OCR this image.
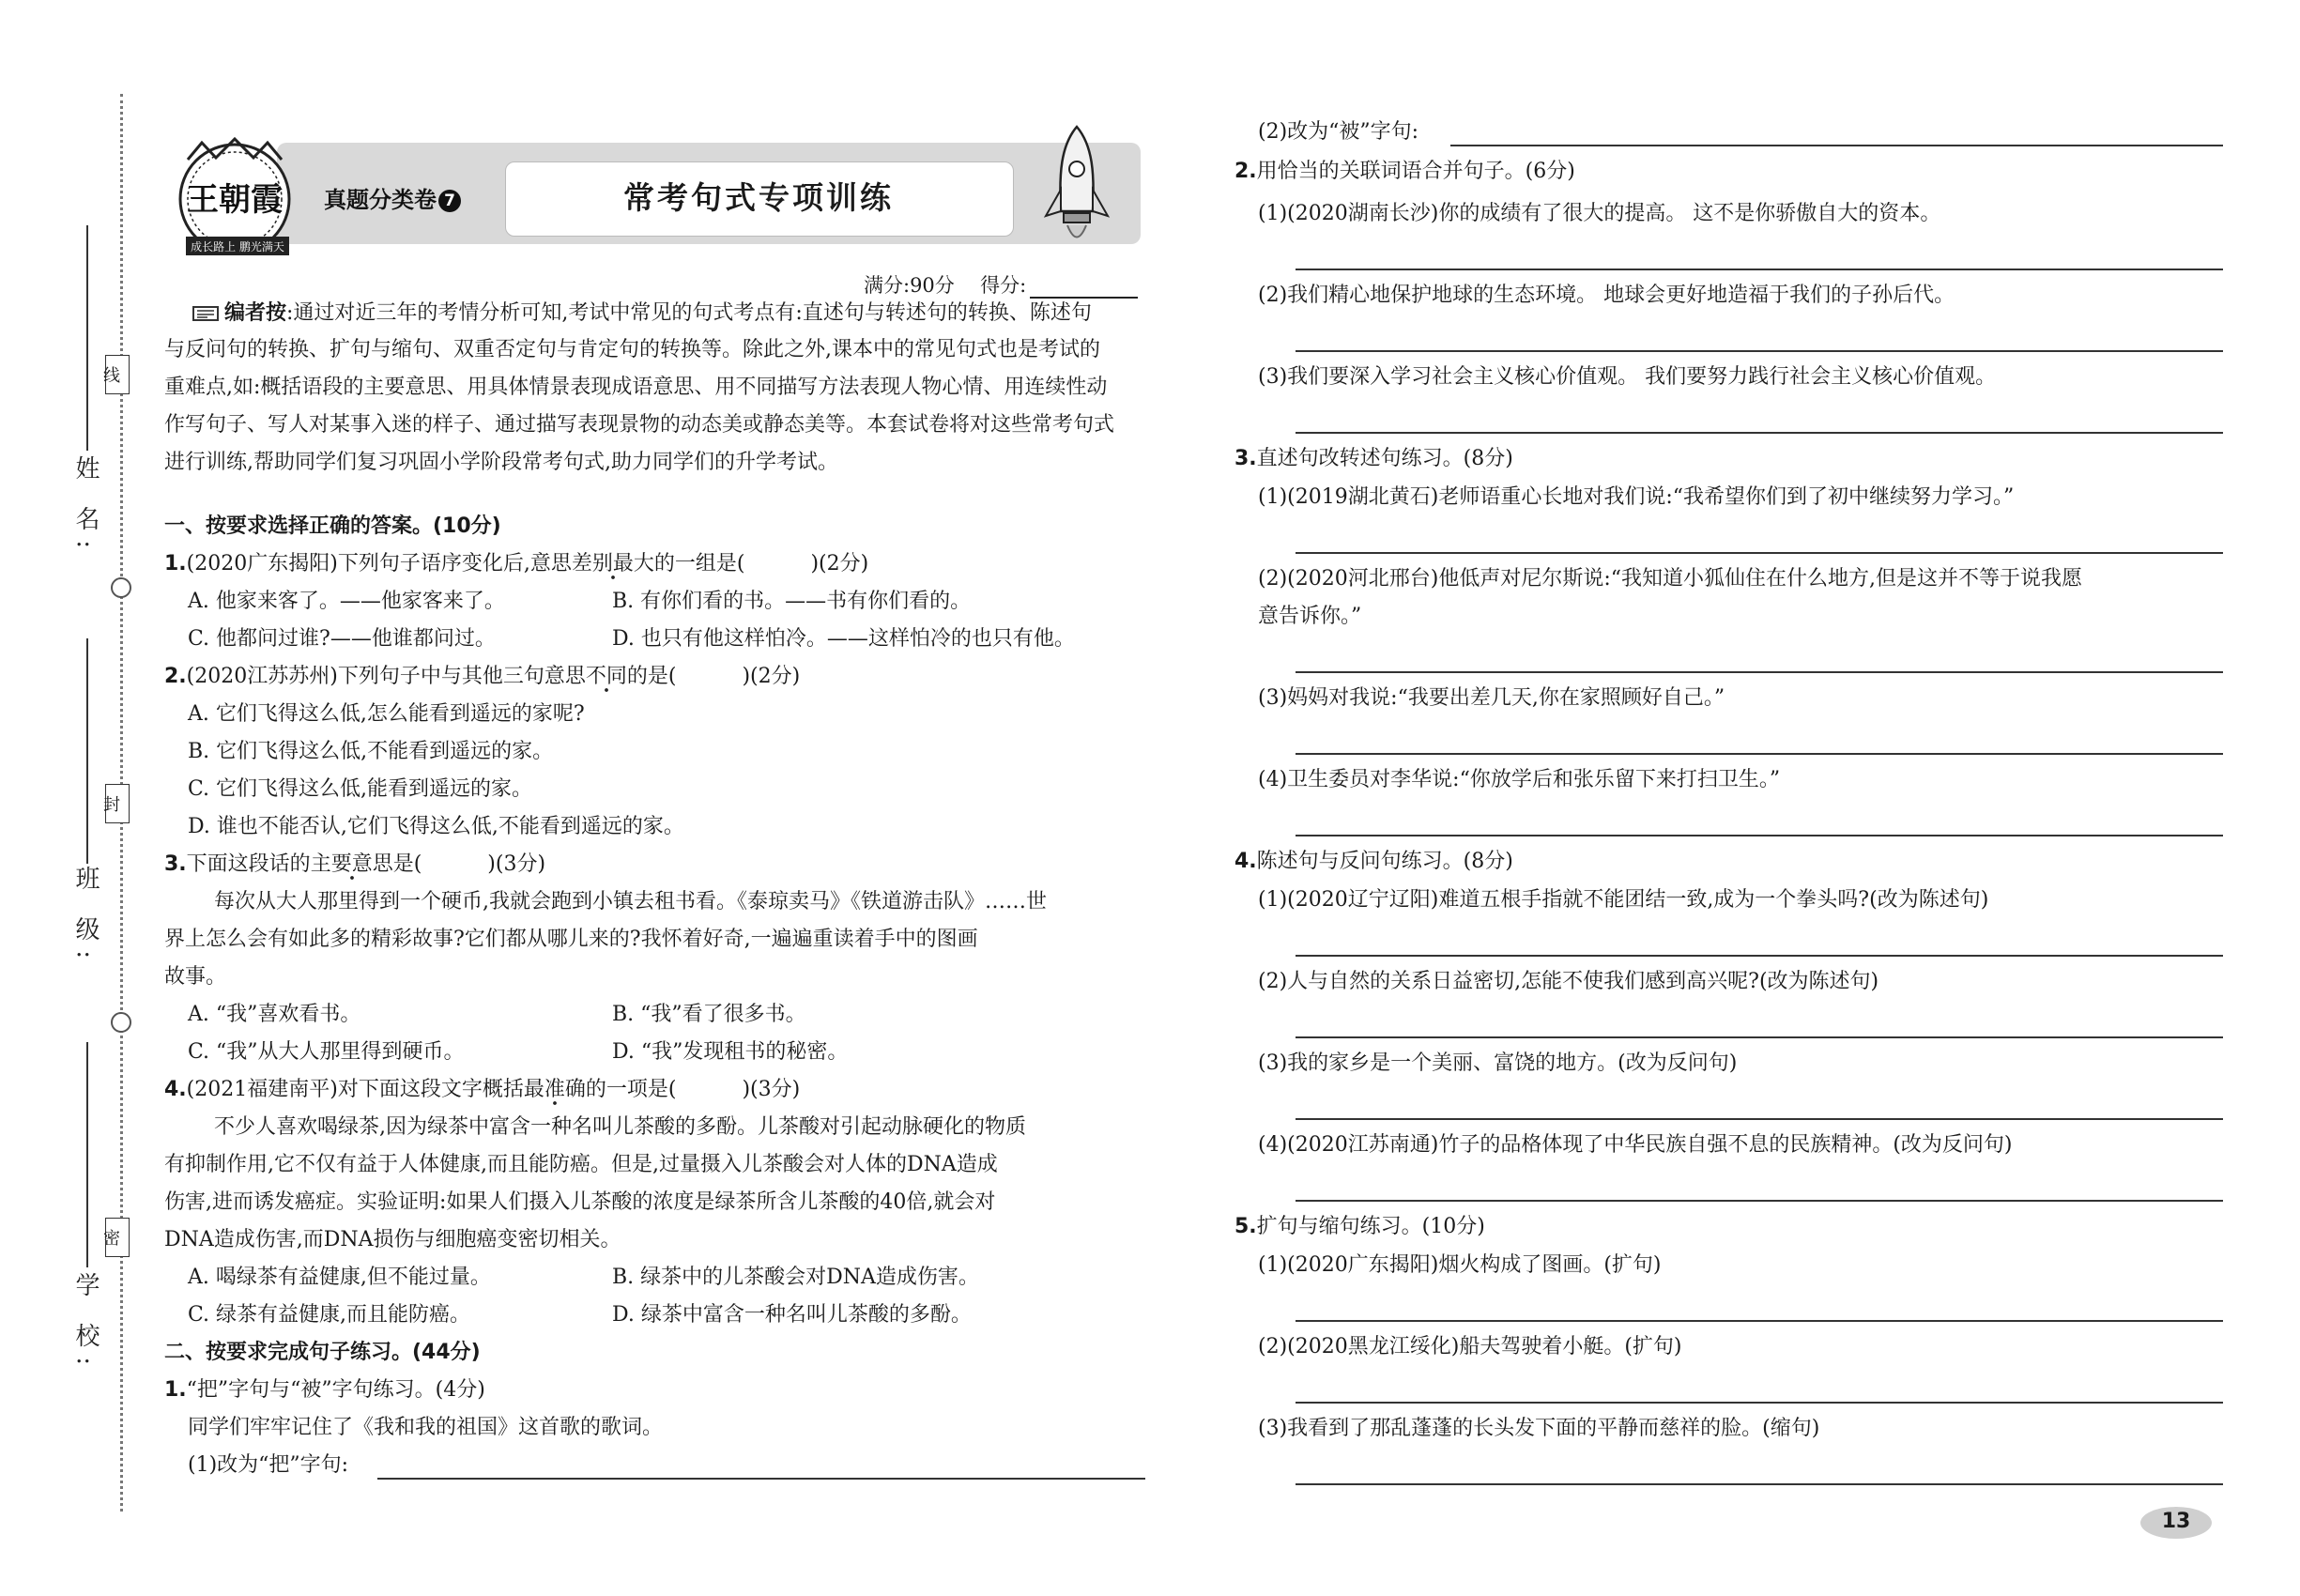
线
封
密
姓 名:
班 级:
学 校:
王朝霞
成长路上 鹏光满天
真题分类卷 7	常考句式专项训练
满分:90分 得分:
编者按:通过对近三年的考情分析可知,考试中常见的句式考点有:直述句与转述句的转换、陈述句
与反问句的转换、扩句与缩句、双重否定句与肯定句的转换等。除此之外,课本中的常见句式也是考试的
重难点,如:概括语段的主要意思、用具体情景表现成语意思、用不同描写方法表现人物心情、用连续性动
作写句子、写人对某事入迷的样子、通过描写表现景物的动态美或静态美等。本套试卷将对这些常考句式
进行训练,帮助同学们复习巩固小学阶段常考句式,助力同学们的升学考试。
一、按要求选择正确的答案。(10分)
1.(2020广东揭阳)下列句子语序变化后,意思差别最大的一组是(	)(2分)
A. 他家来客了。——他家客来了。	B. 有你们看的书。——书有你们看的。
C. 他都问过谁?——他谁都问过。	D. 也只有他这样怕冷。——这样怕冷的也只有他。
2.(2020江苏苏州)下列句子中与其他三句意思不同的是(	)(2分)
A. 它们飞得这么低,怎么能看到遥远的家呢?
B. 它们飞得这么低,不能看到遥远的家。
C. 它们飞得这么低,能看到遥远的家。
D. 谁也不能否认,它们飞得这么低,不能看到遥远的家。
3.下面这段话的主要意思是(	)(3分)
每次从大人那里得到一个硬币,我就会跑到小镇去租书看。《泰琼卖马》《铁道游击队》……世
界上怎么会有如此多的精彩故事?它们都从哪儿来的?我怀着好奇,一遍遍重读着手中的图画
故事。
A. “我”喜欢看书。	B. “我”看了很多书。
C. “我”从大人那里得到硬币。	D. “我”发现租书的秘密。
4.(2021福建南平)对下面这段文字概括最准确的一项是(	)(3分)
不少人喜欢喝绿茶,因为绿茶中富含一种名叫儿茶酸的多酚。儿茶酸对引起动脉硬化的物质
有抑制作用,它不仅有益于人体健康,而且能防癌。但是,过量摄入儿茶酸会对人体的DNA造成
伤害,进而诱发癌症。实验证明:如果人们摄入儿茶酸的浓度是绿茶所含儿茶酸的40倍,就会对
DNA造成伤害,而DNA损伤与细胞癌变密切相关。
A. 喝绿茶有益健康,但不能过量。	B. 绿茶中的儿茶酸会对DNA造成伤害。
C. 绿茶有益健康,而且能防癌。	D. 绿茶中富含一种名叫儿茶酸的多酚。
二、按要求完成句子练习。(44分)
1.“把”字句与“被”字句练习。(4分)
同学们牢牢记住了《我和我的祖国》这首歌的歌词。
(1)改为“把”字句:
(2)改为“被”字句:
2.用恰当的关联词语合并句子。(6分)
(1)(2020湖南长沙)你的成绩有了很大的提高。 这不是你骄傲自大的资本。
(2)我们精心地保护地球的生态环境。 地球会更好地造福于我们的子孙后代。
(3)我们要深入学习社会主义核心价值观。 我们要努力践行社会主义核心价值观。
3.直述句改转述句练习。(8分)
(1)(2019湖北黄石)老师语重心长地对我们说:“我希望你们到了初中继续努力学习。”
(2)(2020河北邢台)他低声对尼尔斯说:“我知道小狐仙住在什么地方,但是这并不等于说我愿
意告诉你。”
(3)妈妈对我说:“我要出差几天,你在家照顾好自己。”
(4)卫生委员对李华说:“你放学后和张乐留下来打扫卫生。”
4.陈述句与反问句练习。(8分)
(1)(2020辽宁辽阳)难道五根手指就不能团结一致,成为一个拳头吗?(改为陈述句)
(2)人与自然的关系日益密切,怎能不使我们感到高兴呢?(改为陈述句)
(3)我的家乡是一个美丽、富饶的地方。(改为反问句)
(4)(2020江苏南通)竹子的品格体现了中华民族自强不息的民族精神。(改为反问句)
5.扩句与缩句练习。(10分)
(1)(2020广东揭阳)烟火构成了图画。(扩句)
(2)(2020黑龙江绥化)船夫驾驶着小艇。(扩句)
(3)我看到了那乱蓬蓬的长头发下面的平静而慈祥的脸。(缩句)
13
